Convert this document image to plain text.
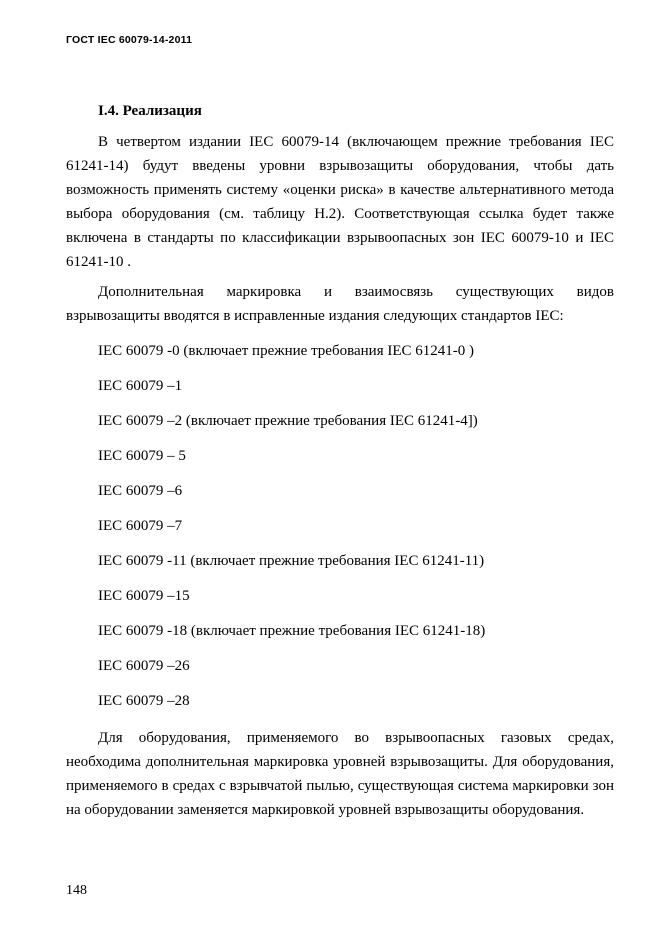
ГОСТ IEC 60079-14-2011
I.4. Реализация

В четвертом издании IEC 60079-14 (включающем прежние требования IEC 61241-14) будут введены уровни взрывозащиты оборудования, чтобы дать возможность применять систему «оценки риска» в качестве альтернативного метода выбора оборудования (см. таблицу Н.2). Соответствующая ссылка будет также включена в стандарты по классификации взрывоопасных зон IEC 60079-10 и IEC 61241-10 .

Дополнительная маркировка и взаимосвязь существующих видов взрывозащиты вводятся в исправленные издания следующих стандартов IEC:

IEC 60079 -0 (включает прежние требования IEC 61241-0 )
IEC 60079 –1
IEC 60079 –2 (включает прежние требования IEC 61241-4])
IEC 60079 – 5
IEC 60079 –6
IEC 60079 –7
IEC 60079 -11 (включает прежние требования IEC 61241-11)
IEC 60079 –15
IEC 60079 -18 (включает прежние требования IEC 61241-18)
IEC 60079 –26
IEC 60079 –28

Для оборудования, применяемого во взрывоопасных газовых средах, необходима дополнительная маркировка уровней взрывозащиты. Для оборудования, применяемого в средах с взрывчатой пылью, существующая система маркировки зон на оборудовании заменяется маркировкой уровней взрывозащиты оборудования.

148
